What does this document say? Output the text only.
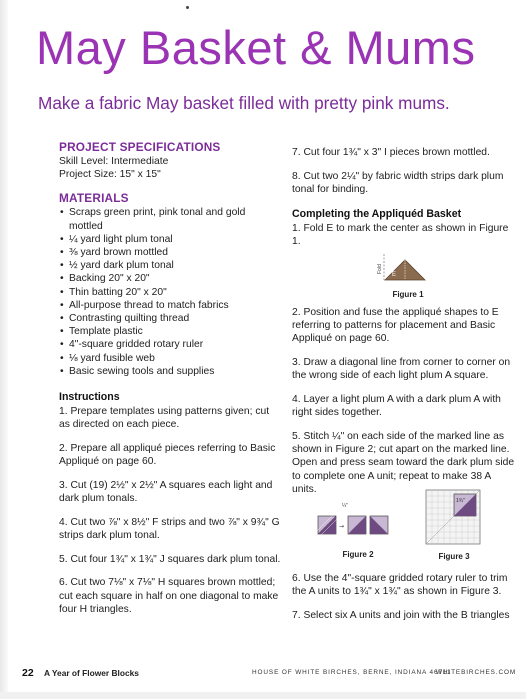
May Basket & Mums
Make a fabric May basket filled with pretty pink mums.
PROJECT SPECIFICATIONS
Skill Level: Intermediate
Project Size: 15" x 15"
MATERIALS
• Scraps green print, pink tonal and gold mottled
• ¼ yard light plum tonal
• ⅜ yard brown mottled
• ½ yard dark plum tonal
• Backing 20" x 20"
• Thin batting 20" x 20"
• All-purpose thread to match fabrics
• Contrasting quilting thread
• Template plastic
• 4"-square gridded rotary ruler
• ⅛ yard fusible web
• Basic sewing tools and supplies
Instructions
1. Prepare templates using patterns given; cut as directed on each piece.
2. Prepare all appliqué pieces referring to Basic Appliqué on page 60.
3. Cut (19) 2½" x 2½" A squares each light and dark plum tonals.
4. Cut two ⅞" x 8½" F strips and two ⅞" x 9¾" G strips dark plum tonal.
5. Cut four 1¾" x 1¾" J squares dark plum tonal.
6. Cut two 7⅛" x 7⅛" H squares brown mottled; cut each square in half on one diagonal to make four H triangles.
7. Cut four 1¾" x 3" I pieces brown mottled.
8. Cut two 2¼" by fabric width strips dark plum tonal for binding.
Completing the Appliquéd Basket
1. Fold E to mark the center as shown in Figure 1.
Fold
E
Figure 1
2. Position and fuse the appliqué shapes to E referring to patterns for placement and Basic Appliqué on page 60.
3. Draw a diagonal line from corner to corner on the wrong side of each light plum A square.
4. Layer a light plum A with a dark plum A with right sides together.
5. Stitch ¼" on each side of the marked line as shown in Figure 2; cut apart on the marked line. Open and press seam toward the dark plum side to complete one A unit; repeat to make 38 A units.
¼"
→
Figure 2
1¾"
Figure 3
6. Use the 4"-square gridded rotary ruler to trim the A units to 1¾" x 1¾" as shown in Figure 3.
7. Select six A units and join with the B triangles
22 A Year of Flower Blocks	HOUSE OF WHITE BIRCHES, BERNE, INDIANA 46711
WHITEBIRCHES.COM
